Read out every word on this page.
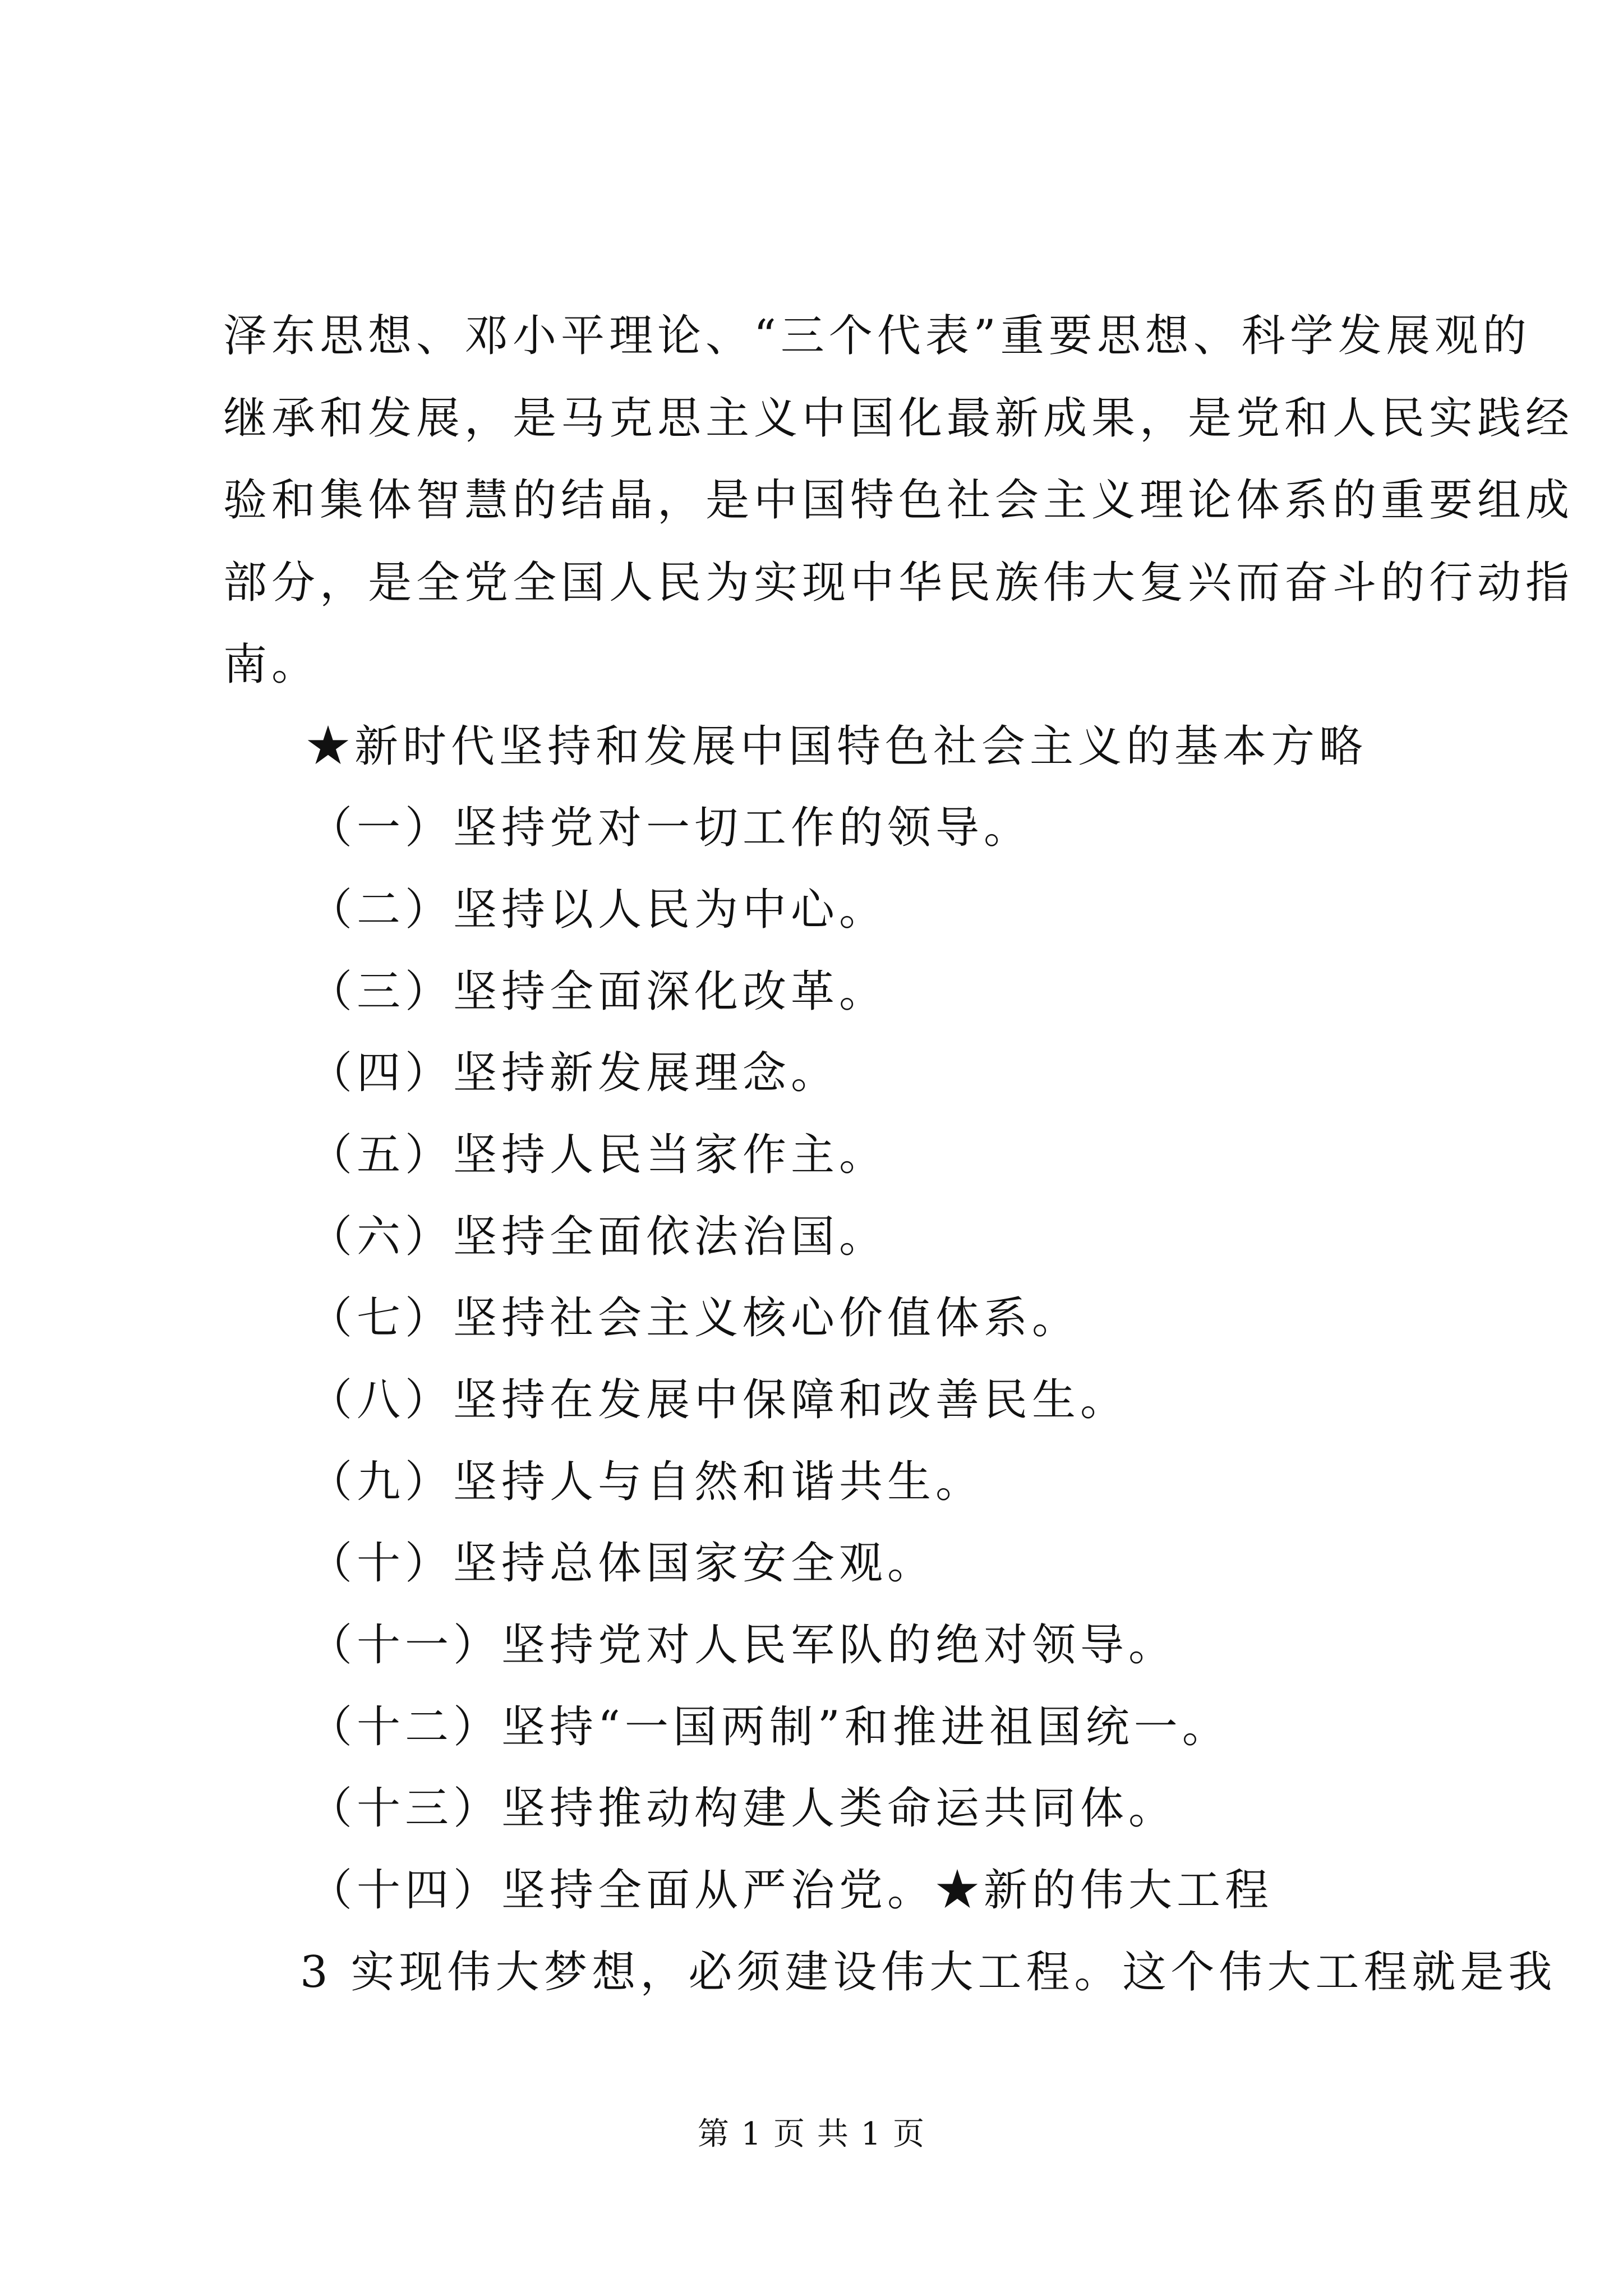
泽东思想、邓小平理论、“三个代表”重要思想、科学发展观的
继承和发展，是马克思主义中国化最新成果，是党和人民实践经
验和集体智慧的结晶，是中国特色社会主义理论体系的重要组成
部分，是全党全国人民为实现中华民族伟大复兴而奋斗的行动指
南。
★新时代坚持和发展中国特色社会主义的基本方略
（一）坚持党对一切工作的领导。
（二）坚持以人民为中心。
（三）坚持全面深化改革。
（四）坚持新发展理念。
（五）坚持人民当家作主。
（六）坚持全面依法治国。
（七）坚持社会主义核心价值体系。
（八）坚持在发展中保障和改善民生。
（九）坚持人与自然和谐共生。
（十）坚持总体国家安全观。
（十一）坚持党对人民军队的绝对领导。
（十二）坚持“一国两制”和推进祖国统一。
（十三）坚持推动构建人类命运共同体。
（十四）坚持全面从严治党。★新的伟大工程
3 实现伟大梦想，必须建设伟大工程。这个伟大工程就是我
第 1 页 共 1 页
